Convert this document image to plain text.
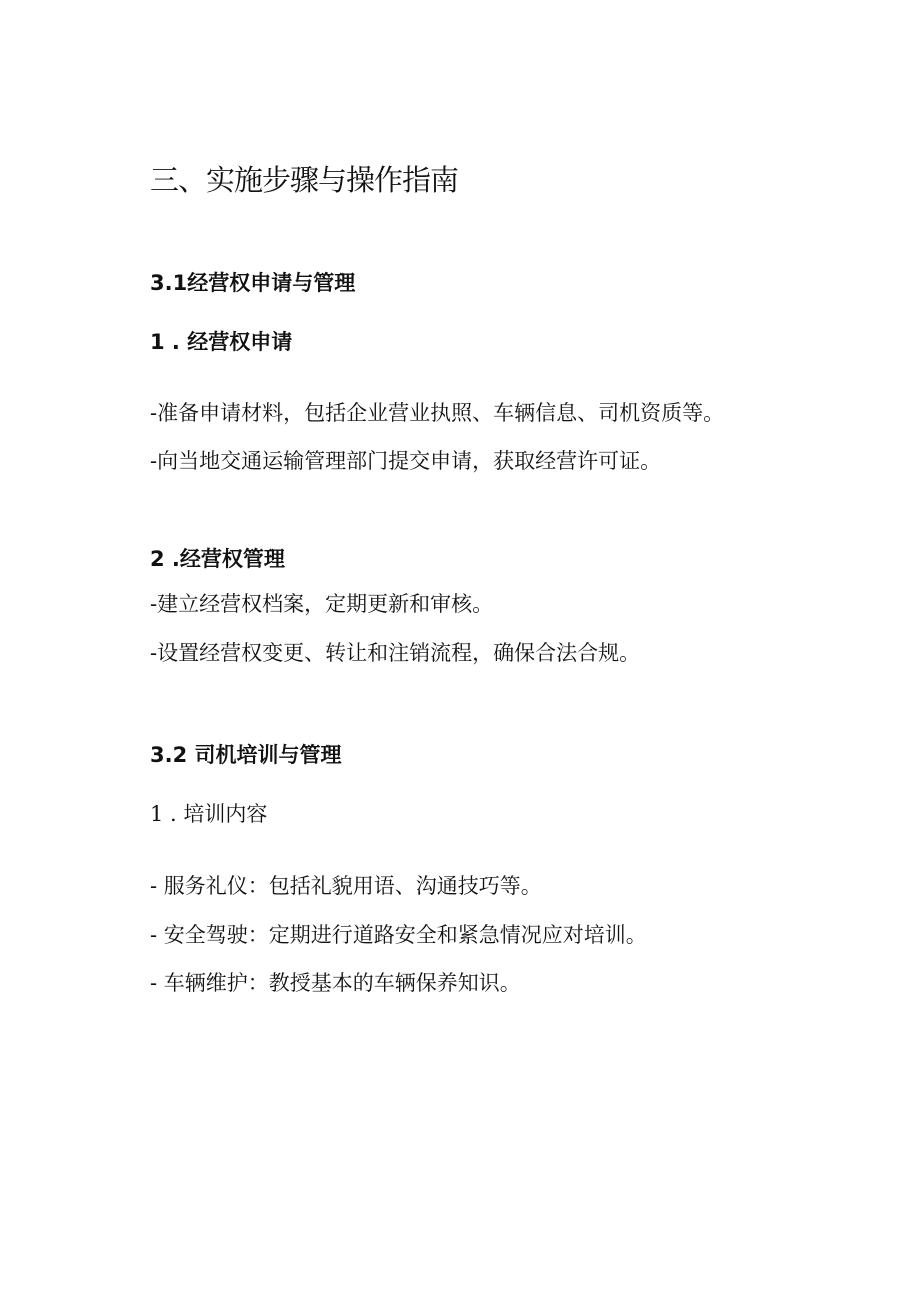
三、实施步骤与操作指南
3.1经营权申请与管理
1 . 经营权申请
-准备申请材料，包括企业营业执照、车辆信息、司机资质等。
-向当地交通运输管理部门提交申请，获取经营许可证。
2 .经营权管理
-建立经营权档案，定期更新和审核。
-设置经营权变更、转让和注销流程，确保合法合规。
3.2 司机培训与管理
1 . 培训内容
- 服务礼仪：包括礼貌用语、沟通技巧等。
- 安全驾驶：定期进行道路安全和紧急情况应对培训。
- 车辆维护：教授基本的车辆保养知识。
